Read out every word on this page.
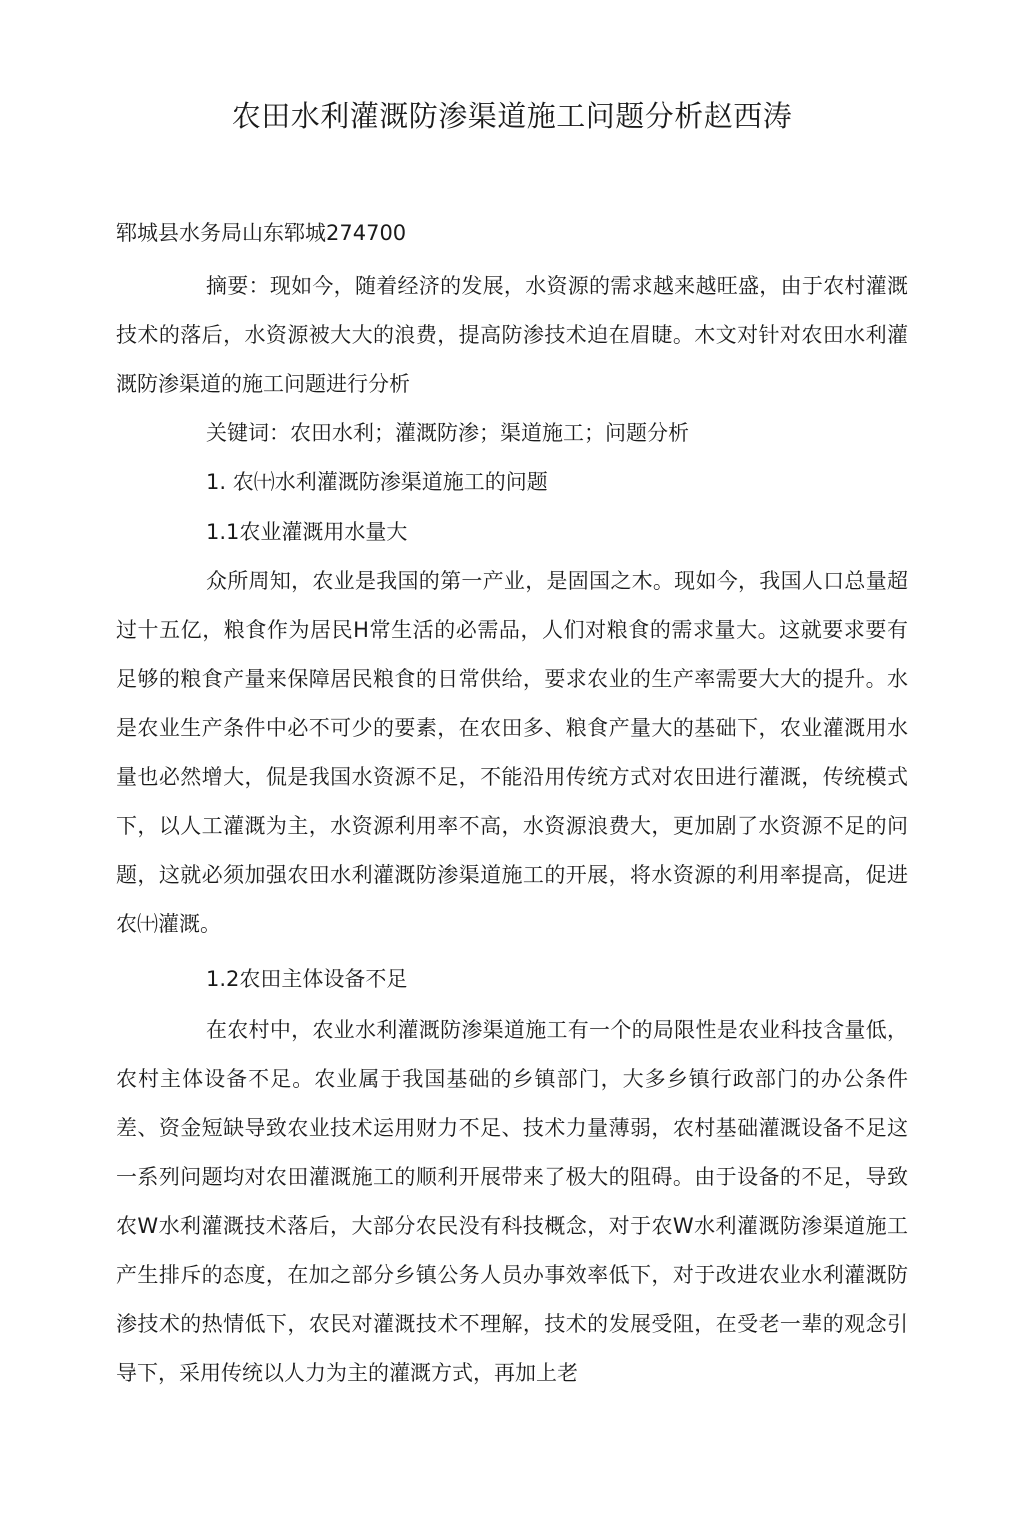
农田水利灌溉防渗渠道施工问题分析赵西涛
郓城县水务局山东郓城274700

摘要：现如今，随着经济的发展，水资源的需求越来越旺盛，由于农村灌溉技术的落后，水资源被大大的浪费，提高防渗技术迫在眉睫。木文对针对农田水利灌溉防渗渠道的施工问题进行分析

关键词：农田水利；灌溉防渗；渠道施工；问题分析

1. 农㈩水利灌溉防渗渠道施工的问题

1.1农业灌溉用水量大

众所周知，农业是我国的第一产业，是固国之木。现如今，我国人口总量超过十五亿，粮食作为居民H常生活的必需品，人们对粮食的需求量大。这就要求要有足够的粮食产量来保障居民粮食的日常供给，要求农业的生产率需要大大的提升。水是农业生产条件中必不可少的要素，在农田多、粮食产量大的基础下，农业灌溉用水量也必然增大，侃是我国水资源不足，不能沿用传统方式对农田进行灌溉，传统模式下，以人工灌溉为主，水资源利用率不高，水资源浪费大，更加剧了水资源不足的问题，这就必须加强农田水利灌溉防渗渠道施工的开展，将水资源的利用率提高，促进农㈩灌溉。

1.2农田主体设备不足

在农村中，农业水利灌溉防渗渠道施工有一个的局限性是农业科技含量低，农村主体设备不足。农业属于我国基础的乡镇部门，大多乡镇行政部门的办公条件差、资金短缺导致农业技术运用财力不足、技术力量薄弱，农村基础灌溉设备不足这一系列问题均对农田灌溉施工的顺利开展带来了极大的阻碍。由于设备的不足，导致农W水利灌溉技术落后，大部分农民没有科技概念，对于农W水利灌溉防渗渠道施工产生排斥的态度，在加之部分乡镇公务人员办事效率低下，对于改进农业水利灌溉防渗技术的热情低下，农民对灌溉技术不理解，技术的发展受阻，在受老一辈的观念引导下，采用传统以人力为主的灌溉方式，再加上老
